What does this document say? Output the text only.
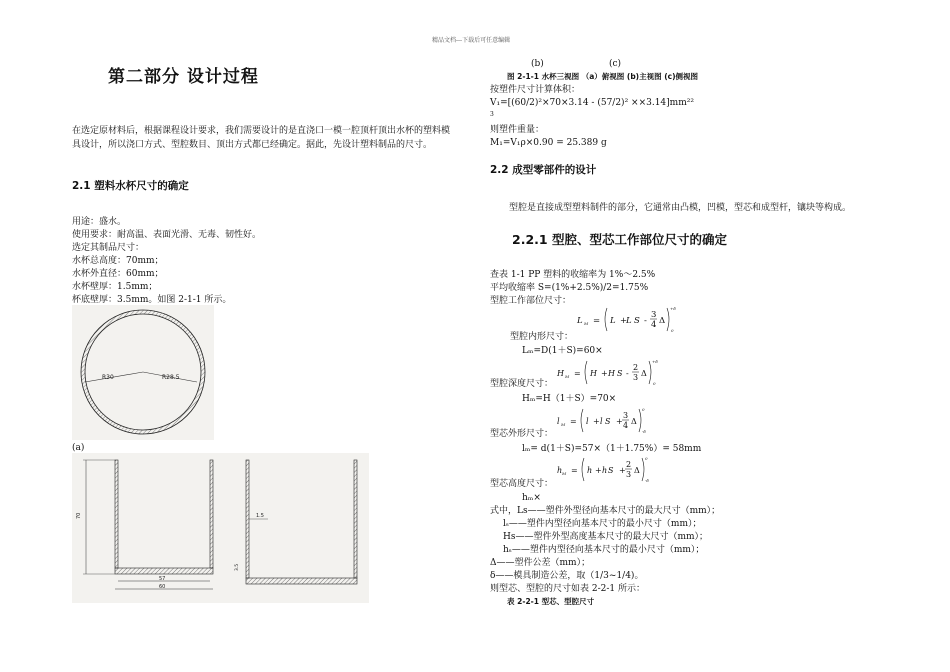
精品文档---下载后可任意编辑
第二部分 设计过程
在选定原材料后，根据课程设计要求，我们需要设计的是直浇口一模一腔顶杆顶出水杯的塑料模具设计，所以浇口方式、型腔数目、顶出方式都已经确定。据此，先设计塑料制品的尺寸。
2.1 塑料水杯尺寸的确定
用途：盛水。
使用要求：耐高温、表面光滑、无毒、韧性好。
选定其制品尺寸：
水杯总高度：70mm；
水杯外直径：60mm；
水杯壁厚：1.5mm；
杯底壁厚：3.5mm。如图 2-1-1 所示。
R30	R28.5
(a)
70
57
60
1.5
3.5
(b)	(c)
图 2-1-1 水杯三视图 （a）俯视图 (b)主视图 (c)侧视图
按塑件尺寸计算体积：
V₁=[(60/2)²×70×3.14 - (57/2)² ××3.14]mm²²
3
则塑件重量：
M₁=V₁ρ×0.90 = 25.389 g
2.2 成型零部件的设计
型腔是直接成型塑料制件的部分，它通常由凸模，凹模，型芯和成型杆，镶块等构成。
2.2.1 型腔、型芯工作部位尺寸的确定
查表 1-1 PP 塑料的收缩率为 1%～2.5%
平均收缩率 S=(1%+2.5%)/2=1.75%
型腔工作部位尺寸：
L M = L +
L S -
3
4 Δ
+δ
0
型腔内形尺寸：
Lₘ=D(1＋S)=60×
H M = H + H S -
2
3 Δ
+δ
0
型腔深度尺寸：
Hₘ=H（1＋S）=70×
l M = l + l S +
3
4 Δ
0
-δ
型芯外形尺寸：
lₘ= d(1＋S)=57×（1＋1.75%）= 58mm
h M = h + h S +
2
3 Δ
0
-δ
型芯高度尺寸：
hₘ×
式中，Ls——塑件外型径向基本尺寸的最大尺寸（mm）；
lₛ——塑件内型径向基本尺寸的最小尺寸（mm）；
Hs——塑件外型高度基本尺寸的最大尺寸（mm）；
hₛ——塑件内型径向基本尺寸的最小尺寸（mm）；
Δ——塑件公差（mm）；
δ——模具制造公差，取（1/3~1/4)。
则型芯、型腔的尺寸如表 2-2-1 所示：
表 2-2-1 型芯、型腔尺寸
